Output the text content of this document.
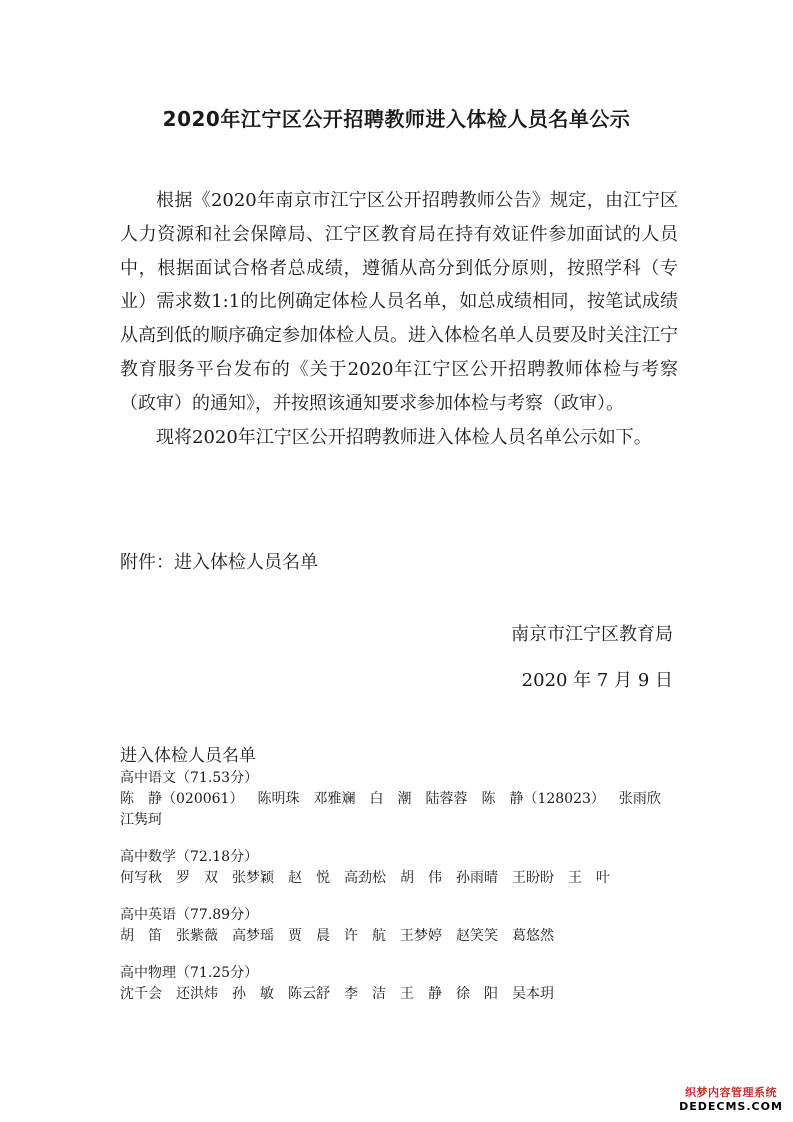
2020年江宁区公开招聘教师进入体检人员名单公示

根据《2020年南京市江宁区公开招聘教师公告》规定，由江宁区人力资源和社会保障局、江宁区教育局在持有效证件参加面试的人员中，根据面试合格者总成绩，遵循从高分到低分原则，按照学科（专业）需求数1:1的比例确定体检人员名单，如总成绩相同，按笔试成绩从高到低的顺序确定参加体检人员。进入体检名单人员要及时关注江宁教育服务平台发布的《关于2020年江宁区公开招聘教师体检与考察（政审）的通知》，并按照该通知要求参加体检与考察（政审）。

现将2020年江宁区公开招聘教师进入体检人员名单公示如下。

附件：进入体检人员名单
南京市江宁区教育局
2020 年 7 月 9 日
进入体检人员名单
高中语文（71.53分）
陈　静（020061） 陈明珠 邓雅斓 白　潮 陆蓉蓉 陈　静（128023） 张雨欣江隽珂
高中数学（72.18分）
何写秋 罗　双 张梦颖 赵　悦 高劲松 胡　伟 孙雨晴 王盼盼 王　叶
高中英语（77.89分）
胡　笛 张紫薇 高梦瑶 贾　晨 许　航 王梦婷 赵笑笑 葛悠然
高中物理（71.25分）
沈千会 还洪炜 孙　敏 陈云舒 李　洁 王　静 徐　阳 吴本玥
织梦内容管理系统
DEDECMS.COM
